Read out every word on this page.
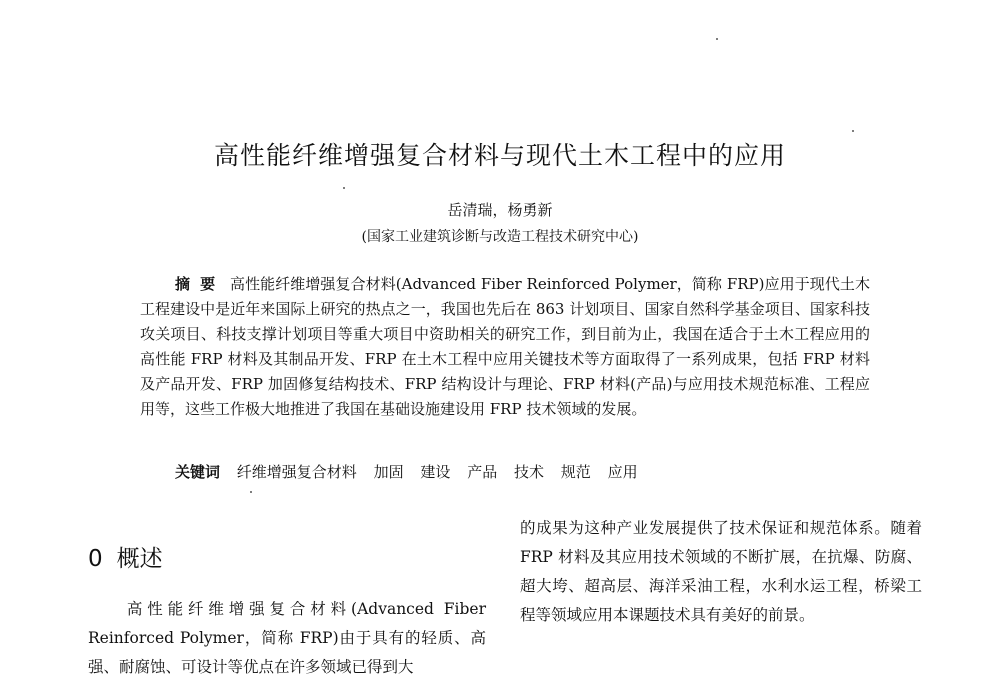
高性能纤维增强复合材料与现代土木工程中的应用
岳清瑞，杨勇新
(国家工业建筑诊断与改造工程技术研究中心)
摘要 高性能纤维增强复合材料(Advanced Fiber Reinforced Polymer，简称 FRP)应用于现代土木工程建设中是近年来国际上研究的热点之一，我国也先后在 863 计划项目、国家自然科学基金项目、国家科技攻关项目、科技支撑计划项目等重大项目中资助相关的研究工作，到目前为止，我国在适合于土木工程应用的高性能 FRP 材料及其制品开发、FRP 在土木工程中应用关键技术等方面取得了一系列成果，包括 FRP 材料及产品开发、FRP 加固修复结构技术、FRP 结构设计与理论、FRP 材料(产品)与应用技术规范标准、工程应用等，这些工作极大地推进了我国在基础设施建设用 FRP 技术领域的发展。
关键词 纤维增强复合材料 加固 建设 产品 技术 规范 应用
0 概述
高性能纤维增强复合材料(Advanced Fiber Reinforced Polymer，简称 FRP)由于具有的轻质、高强、耐腐蚀、可设计等优点在许多领域已得到大
的成果为这种产业发展提供了技术保证和规范体系。随着 FRP 材料及其应用技术领域的不断扩展，在抗爆、防腐、超大垮、超高层、海洋采油工程，水利水运工程，桥梁工程等领域应用本课题技术具有美好的前景。
